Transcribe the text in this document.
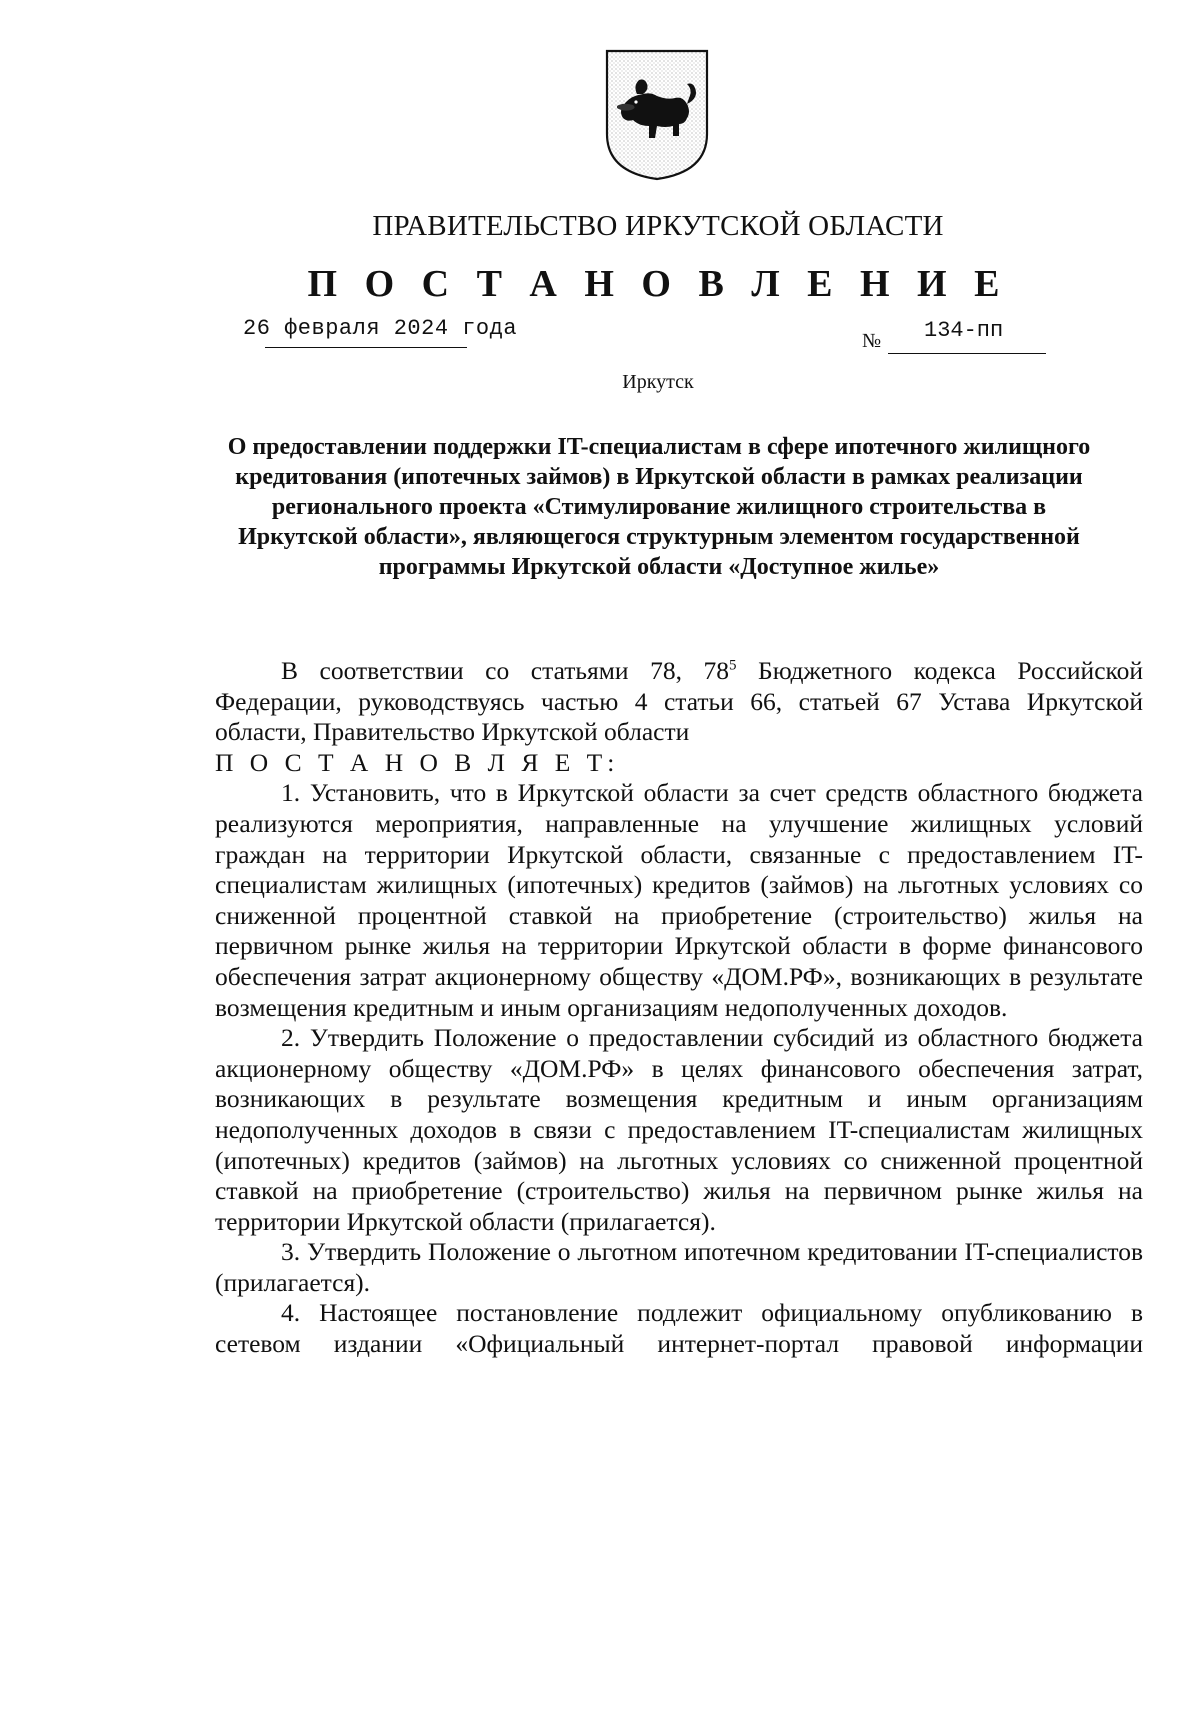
ПРАВИТЕЛЬСТВО ИРКУТСКОЙ ОБЛАСТИ
П О С Т А Н О В Л Е Н И Е
26 февраля 2024 года	№ 134-пп
Иркутск
О предоставлении поддержки IT-специалистам в сфере ипотечного жилищного кредитования (ипотечных займов) в Иркутской области в рамках реализации регионального проекта «Стимулирование жилищного строительства в Иркутской области», являющегося структурным элементом государственной программы Иркутской области «Доступное жилье»

В соответствии со статьями 78, $78^5$ Бюджетного кодекса Российской Федерации, руководствуясь частью 4 статьи 66, статьей 67 Устава Иркутской области, Правительство Иркутской области

П О С Т А Н О В Л Я Е Т:

1. Установить, что в Иркутской области за счет средств областного бюджета реализуются мероприятия, направленные на улучшение жилищных условий граждан на территории Иркутской области, связанные с предоставлением IT-специалистам жилищных (ипотечных) кредитов (займов) на льготных условиях со сниженной процентной ставкой на приобретение (строительство) жилья на первичном рынке жилья на территории Иркутской области в форме финансового обеспечения затрат акционерному обществу «ДОМ.РФ», возникающих в результате возмещения кредитным и иным организациям недополученных доходов.

2. Утвердить Положение о предоставлении субсидий из областного бюджета акционерному обществу «ДОМ.РФ» в целях финансового обеспечения затрат, возникающих в результате возмещения кредитным и иным организациям недополученных доходов в связи с предоставлением IT-специалистам жилищных (ипотечных) кредитов (займов) на льготных условиях со сниженной процентной ставкой на приобретение (строительство) жилья на первичном рынке жилья на территории Иркутской области (прилагается).

3. Утвердить Положение о льготном ипотечном кредитовании IT-специалистов (прилагается).

4. Настоящее постановление подлежит официальному опубликованию в сетевом издании «Официальный интернет-портал правовой информации
